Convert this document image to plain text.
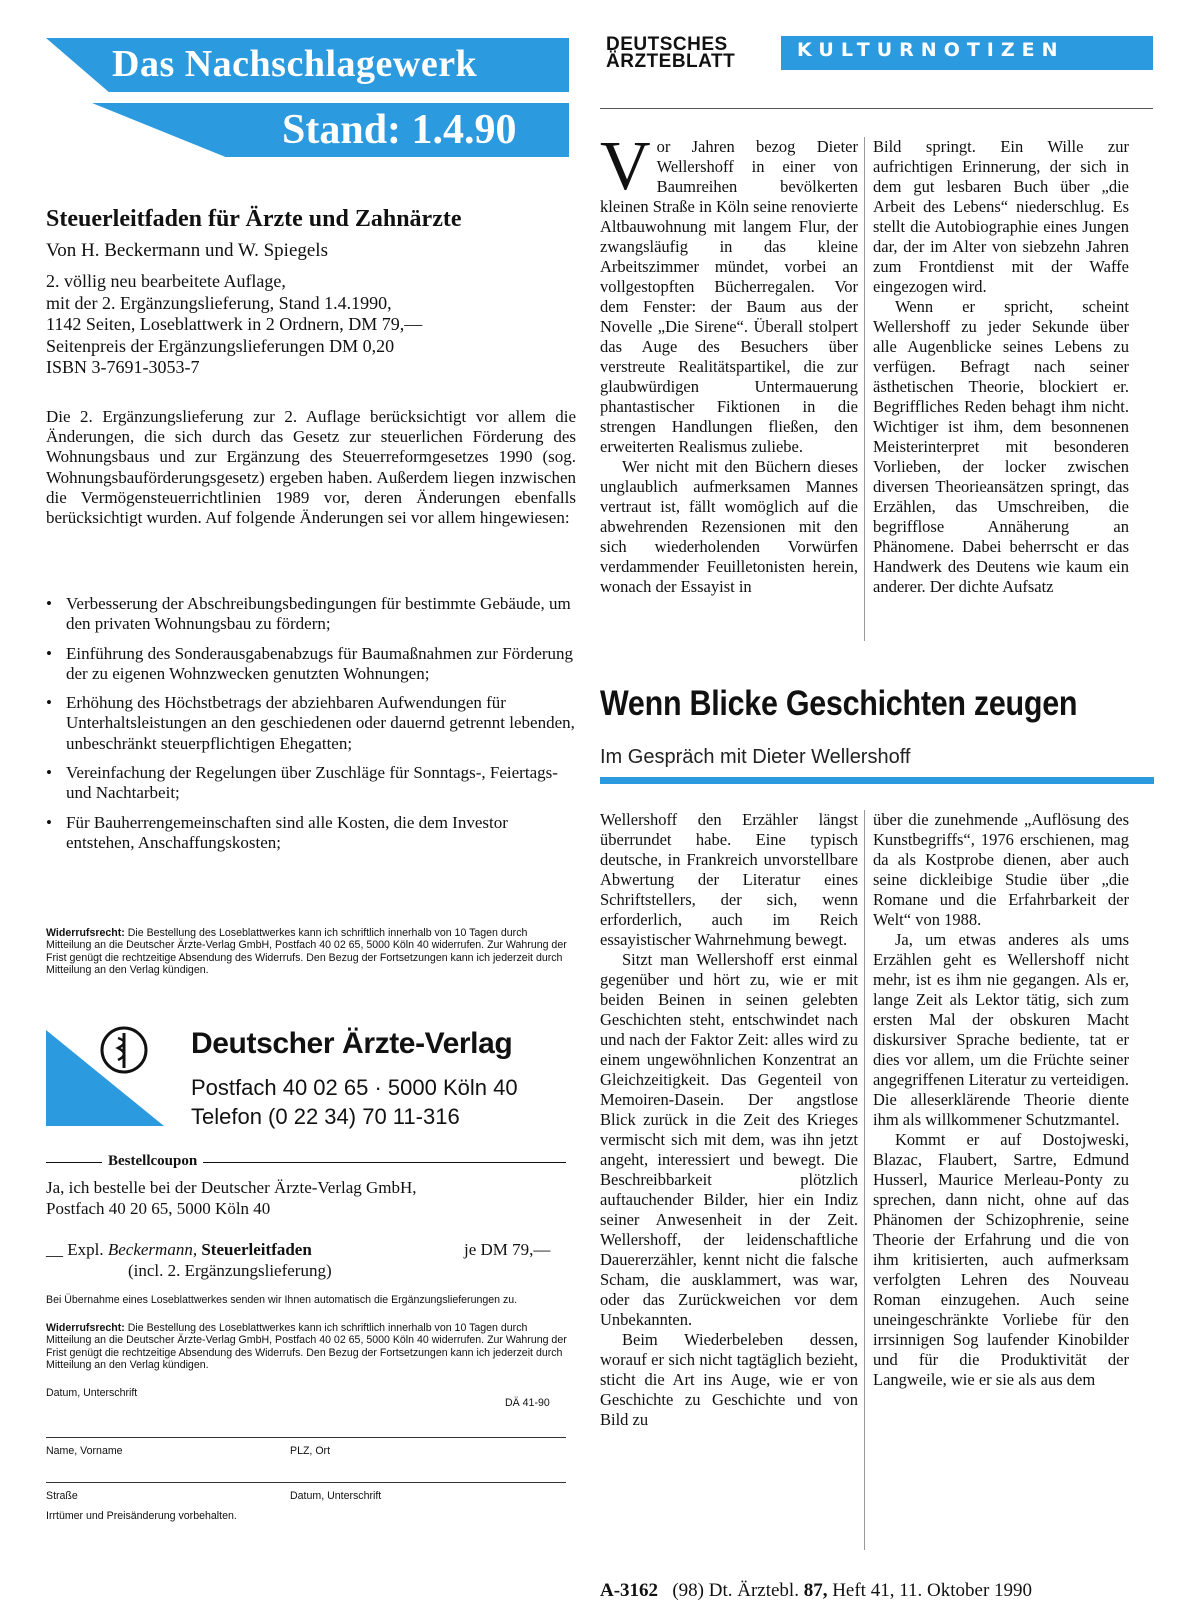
Das Nachschlagewerk
Stand: 1.4.90
Steuerleitfaden für Ärzte und Zahnärzte
Von H. Beckermann und W. Spiegels
2. völlig neu bearbeitete Auflage,
mit der 2. Ergänzungslieferung, Stand 1.4.1990,
1142 Seiten, Loseblattwerk in 2 Ordnern, DM 79,—
Seitenpreis der Ergänzungslieferungen DM 0,20
ISBN 3-7691-3053-7
Die 2. Ergänzungslieferung zur 2. Auflage berücksichtigt vor allem die Änderungen, die sich durch das Gesetz zur steuerlichen Förderung des Wohnungsbaus und zur Ergänzung des Steuerreformgesetzes 1990 (sog. Wohnungsbauförderungsgesetz) ergeben haben. Außerdem liegen inzwischen die Vermögensteuerrichtlinien 1989 vor, deren Änderungen ebenfalls berücksichtigt wurden. Auf folgende Änderungen sei vor allem hingewiesen:
• Verbesserung der Abschreibungsbedingungen für bestimmte Gebäude, um den privaten Wohnungsbau zu fördern;
• Einführung des Sonderausgabenabzugs für Baumaßnahmen zur Förderung der zu eigenen Wohnzwecken genutzten Wohnungen;
• Erhöhung des Höchstbetrags der abziehbaren Aufwendungen für Unterhaltsleistungen an den geschiedenen oder dauernd getrennt lebenden, unbeschränkt steuerpflichtigen Ehegatten;
• Vereinfachung der Regelungen über Zuschläge für Sonntags-, Feiertags- und Nachtarbeit;
• Für Bauherrengemeinschaften sind alle Kosten, die dem Investor entstehen, Anschaffungskosten;
Widerrufsrecht: Die Bestellung des Loseblattwerkes kann ich schriftlich innerhalb von 10 Tagen durch Mitteilung an die Deutscher Ärzte-Verlag GmbH, Postfach 40 02 65, 5000 Köln 40 widerrufen. Zur Wahrung der Frist genügt die rechtzeitige Absendung des Widerrufs. Den Bezug der Fortsetzungen kann ich jederzeit durch Mitteilung an den Verlag kündigen.
Deutscher Ärzte-Verlag
Postfach 40 02 65 · 5000 Köln 40
Telefon (0 22 34) 70 11-316
Bestellcoupon
Ja, ich bestelle bei der Deutscher Ärzte-Verlag GmbH,
Postfach 40 20 65, 5000 Köln 40
__ Expl. Beckermann, Steuerleitfaden
(incl. 2. Ergänzungslieferung)
je DM 79,—
Bei Übernahme eines Loseblattwerkes senden wir Ihnen automatisch die Ergänzungslieferungen zu.
Widerrufsrecht: Die Bestellung des Loseblattwerkes kann ich schriftlich innerhalb von 10 Tagen durch Mitteilung an die Deutscher Ärzte-Verlag GmbH, Postfach 40 02 65, 5000 Köln 40 widerrufen. Zur Wahrung der Frist genügt die rechtzeitige Absendung des Widerrufs. Den Bezug der Fortsetzungen kann ich jederzeit durch Mitteilung an den Verlag kündigen.
Datum, Unterschrift
DÄ 41-90
Name, Vorname	PLZ, Ort
Straße	Datum, Unterschrift
Irrtümer und Preisänderung vorbehalten.
DEUTSCHES
ÄRZTEBLATT
KULTURNOTIZEN

Vor Jahren bezog Dieter Wellershoff in einer von Baumreihen bevölkerten kleinen Straße in Köln seine renovierte Altbauwohnung mit langem Flur, der zwangsläufig in das kleine Arbeitszimmer mündet, vorbei an vollgestopften Bücherregalen. Vor dem Fenster: der Baum aus der Novelle „Die Sirene“. Überall stolpert das Auge des Besuchers über verstreute Realitätspartikel, die zur glaubwürdigen Untermauerung phantastischer Fiktionen in die strengen Handlungen fließen, den erweiterten Realismus zuliebe.

Wer nicht mit den Büchern dieses unglaublich aufmerksamen Mannes vertraut ist, fällt womöglich auf die abwehrenden Rezensionen mit den sich wiederholenden Vorwürfen verdammender Feuilletonisten herein, wonach der Essayist in

Bild springt. Ein Wille zur aufrichtigen Erinnerung, der sich in dem gut lesbaren Buch über „die Arbeit des Lebens“ niederschlug. Es stellt die Autobiographie eines Jungen dar, der im Alter von siebzehn Jahren zum Frontdienst mit der Waffe eingezogen wird.

Wenn er spricht, scheint Wellershoff zu jeder Sekunde über alle Augenblicke seines Lebens zu verfügen. Befragt nach seiner ästhetischen Theorie, blockiert er. Begriffliches Reden behagt ihm nicht. Wichtiger ist ihm, dem besonnenen Meisterinterpret mit besonderen Vorlieben, der locker zwischen diversen Theorieansätzen springt, das Erzählen, das Umschreiben, die begrifflose Annäherung an Phänomene. Dabei beherrscht er das Handwerk des Deutens wie kaum ein anderer. Der dichte Aufsatz

Wenn Blicke Geschichten zeugen
Im Gespräch mit Dieter Wellershoff

Wellershoff den Erzähler längst überrundet habe. Eine typisch deutsche, in Frankreich unvorstellbare Abwertung der Literatur eines Schriftstellers, der sich, wenn erforderlich, auch im Reich essayistischer Wahrnehmung bewegt.

Sitzt man Wellershoff erst einmal gegenüber und hört zu, wie er mit beiden Beinen in seinen gelebten Geschichten steht, entschwindet nach und nach der Faktor Zeit: alles wird zu einem ungewöhnlichen Konzentrat an Gleichzeitigkeit. Das Gegenteil von Memoiren-Dasein. Der angstlose Blick zurück in die Zeit des Krieges vermischt sich mit dem, was ihn jetzt angeht, interessiert und bewegt. Die Beschreibbarkeit plötzlich auftauchender Bilder, hier ein Indiz seiner Anwesenheit in der Zeit. Wellershoff, der leidenschaftliche Dauererzähler, kennt nicht die falsche Scham, die ausklammert, was war, oder das Zurückweichen vor dem Unbekannten.

Beim Wiederbeleben dessen, worauf er sich nicht tagtäglich bezieht, sticht die Art ins Auge, wie er von Geschichte zu Geschichte und von Bild zu

über die zunehmende „Auflösung des Kunstbegriffs“, 1976 erschienen, mag da als Kostprobe dienen, aber auch seine dickleibige Studie über „die Romane und die Erfahrbarkeit der Welt“ von 1988.

Ja, um etwas anderes als ums Erzählen geht es Wellershoff nicht mehr, ist es ihm nie gegangen. Als er, lange Zeit als Lektor tätig, sich zum ersten Mal der obskuren Macht diskursiver Sprache bediente, tat er dies vor allem, um die Früchte seiner angegriffenen Literatur zu verteidigen. Die alleserklärende Theorie diente ihm als willkommener Schutzmantel.

Kommt er auf Dostojweski, Blazac, Flaubert, Sartre, Edmund Husserl, Maurice Merleau-Ponty zu sprechen, dann nicht, ohne auf das Phänomen der Schizophrenie, seine Theorie der Erfahrung und die von ihm kritisierten, auch aufmerksam verfolgten Lehren des Nouveau Roman einzugehen. Auch seine uneingeschränkte Vorliebe für den irrsinnigen Sog laufender Kinobilder und für die Produktivität der Langweile, wie er sie als aus dem

A-3162 (98) Dt. Ärztebl. 87, Heft 41, 11. Oktober 1990
